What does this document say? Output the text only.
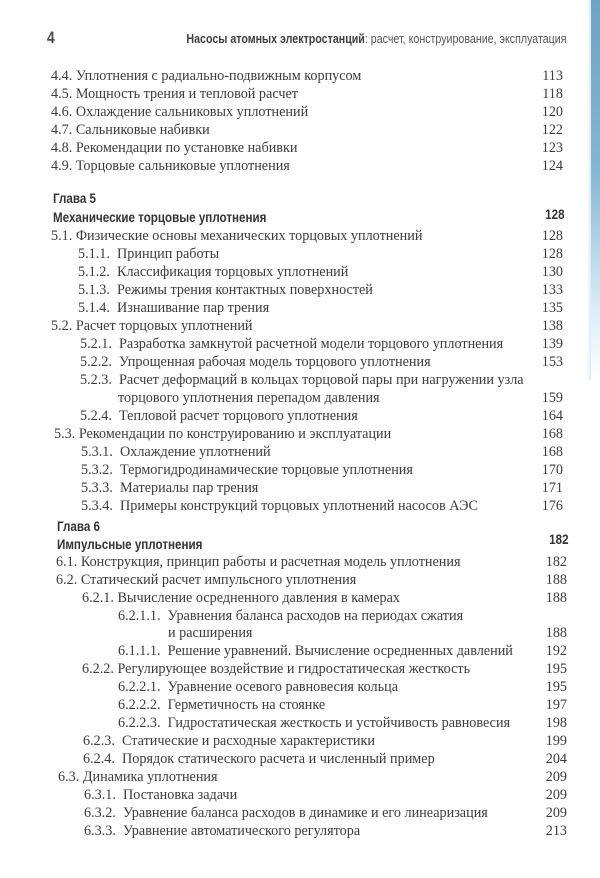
4	Насосы атомных электростанций: расчет, конструирование, эксплуатация
4.4. Уплотнения с радиально-подвижным корпусом	113
4.5. Мощность трения и тепловой расчет	118
4.6. Охлаждение сальниковых уплотнений	120
4.7. Сальниковые набивки	122
4.8. Рекомендации по установке набивки	123
4.9. Торцовые сальниковые уплотнения	124
Глава 5
Механические торцовые уплотнения	128
5.1. Физические основы механических торцовых уплотнений	128
5.1.1. Принцип работы	128
5.1.2. Классификация торцовых уплотнений	130
5.1.3. Режимы трения контактных поверхностей	133
5.1.4. Изнашивание пар трения	135
5.2. Расчет торцовых уплотнений	138
5.2.1. Разработка замкнутой расчетной модели торцового уплотнения	139
5.2.2. Упрощенная рабочая модель торцового уплотнения	153
5.2.3. Расчет деформаций в кольцах торцовой пары при нагружении узла
торцового уплотнения перепадом давления	159
5.2.4. Тепловой расчет торцового уплотнения	164
5.3. Рекомендации по конструированию и эксплуатации	168
5.3.1. Охлаждение уплотнений	168
5.3.2. Термогидродинамические торцовые уплотнения	170
5.3.3. Материалы пар трения	171
5.3.4. Примеры конструкций торцовых уплотнений насосов АЭС	176
Глава 6
Импульсные уплотнения	182
6.1. Конструкция, принцип работы и расчетная модель уплотнения	182
6.2. Статический расчет импульсного уплотнения	188
6.2.1. Вычисление осредненного давления в камерах	188
6.2.1.1. Уравнения баланса расходов на периодах сжатия
и расширения	188
6.1.1.1. Решение уравнений. Вычисление осредненных давлений 192
6.2.2. Регулирующее воздействие и гидростатическая жесткость	195
6.2.2.1. Уравнение осевого равновесия кольца	195
6.2.2.2. Герметичность на стоянке	197
6.2.2.3. Гидростатическая жесткость и устойчивость равновесия	198
6.2.3. Статические и расходные характеристики	199
6.2.4. Порядок статического расчета и численный пример	204
6.3. Динамика уплотнения	209
6.3.1. Постановка задачи	209
6.3.2. Уравнение баланса расходов в динамике и его линеаризация	209
6.3.3. Уравнение автоматического регулятора	213
